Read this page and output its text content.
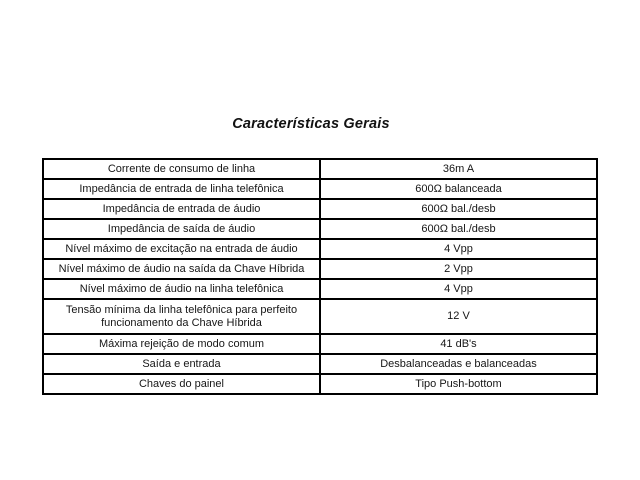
Características Gerais
Corrente de consumo de linha	36m A
Impedância de entrada de linha telefônica	600Ω balanceada
Impedância de entrada de áudio	600Ω bal./desb
Impedância de saída de áudio	600Ω bal./desb
Nível máximo de excitação na entrada de áudio	4 Vpp
Nível máximo de áudio na saída da Chave Híbrida	2 Vpp
Nível máximo de áudio na linha telefônica	4 Vpp
Tensão mínima da linha telefônica para perfeito funcionamento da Chave Híbrida	12 V
Máxima rejeição de modo comum	41 dB's
Saída e entrada	Desbalanceadas e balanceadas
Chaves do painel	Tipo Push-bottom
